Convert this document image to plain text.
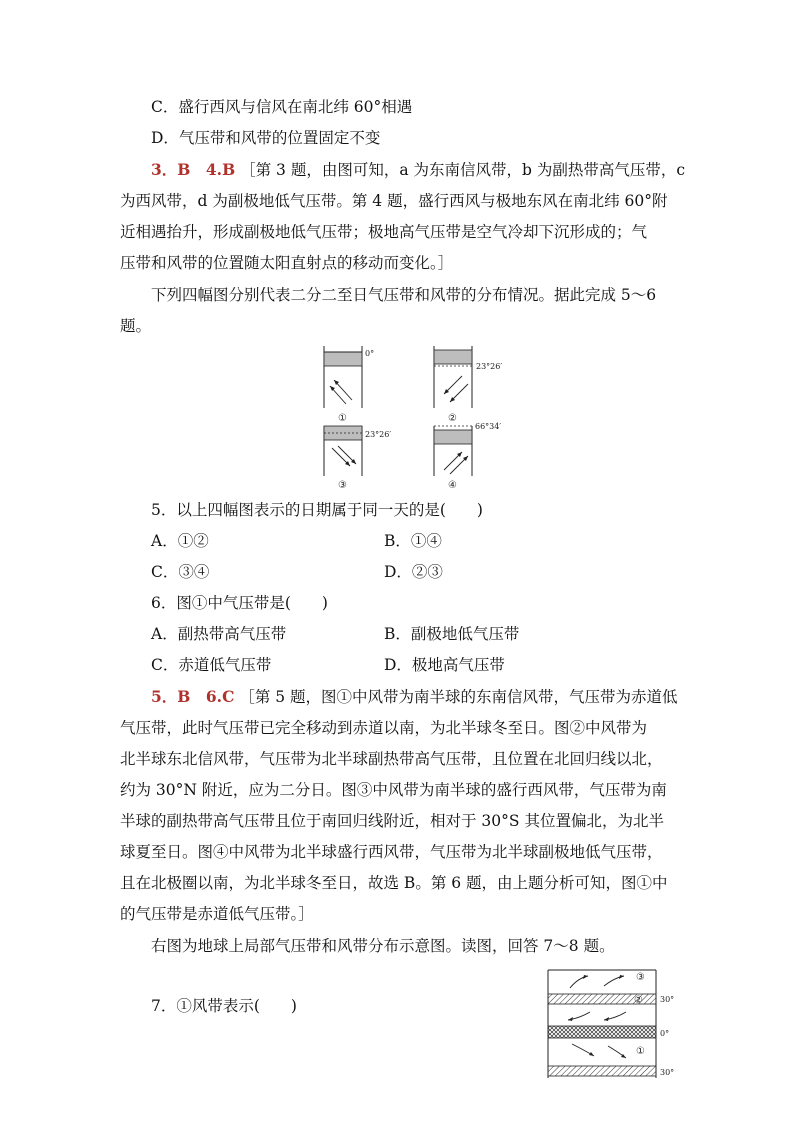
C．盛行西风与信风在南北纬 60°相遇
D．气压带和风带的位置固定不变
3．B　4.B ［第 3 题，由图可知，a 为东南信风带，b 为副热带高气压带，c
为西风带，d 为副极地低气压带。第 4 题，盛行西风与极地东风在南北纬 60°附
近相遇抬升，形成副极地低气压带；极地高气压带是空气冷却下沉形成的；气
压带和风带的位置随太阳直射点的移动而变化。］
下列四幅图分别代表二分二至日气压带和风带的分布情况。据此完成 5～6
题。
0°
①
23°26′
②
23°26′
③
66°34′
④
5．以上四幅图表示的日期属于同一天的是(　　)
A．①②	B．①④
C．③④	D．②③
6．图①中气压带是(　　)
A．副热带高气压带	B．副极地低气压带
C．赤道低气压带	D．极地高气压带
5．B　6.C ［第 5 题，图①中风带为南半球的东南信风带，气压带为赤道低
气压带，此时气压带已完全移动到赤道以南，为北半球冬至日。图②中风带为
北半球东北信风带，气压带为北半球副热带高气压带，且位置在北回归线以北，
约为 30°N 附近，应为二分日。图③中风带为南半球的盛行西风带，气压带为南
半球的副热带高气压带且位于南回归线附近，相对于 30°S 其位置偏北，为北半
球夏至日。图④中风带为北半球盛行西风带，气压带为北半球副极地低气压带，
且在北极圈以南，为北半球冬至日，故选 B。第 6 题，由上题分析可知，图①中
的气压带是赤道低气压带。］
右图为地球上局部气压带和风带分布示意图。读图，回答 7～8 题。
7．①风带表示(　　)
③
② 30°
0°
①
30°
